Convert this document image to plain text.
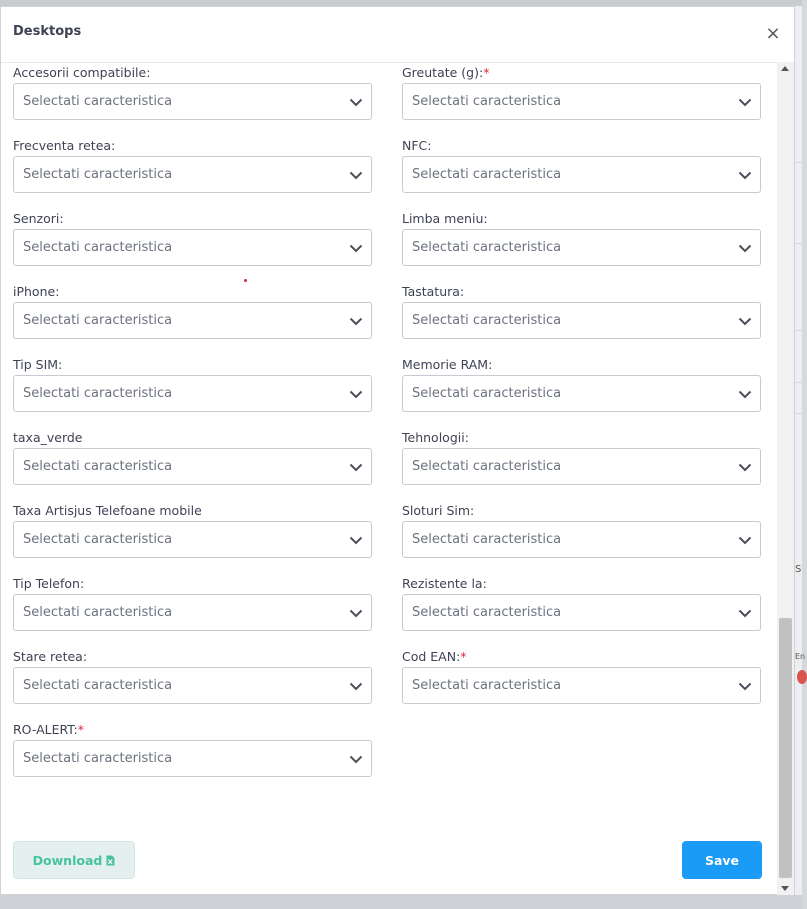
S
En
Desktops	×
Accesorii compatibile:
Selectati caracteristica
Greutate (g):*
Selectati caracteristica
Frecventa retea:
Selectati caracteristica
NFC:
Selectati caracteristica
Senzori:
Selectati caracteristica
Limba meniu:
Selectati caracteristica
iPhone:
Selectati caracteristica
Tastatura:
Selectati caracteristica
Tip SIM:
Selectati caracteristica
Memorie RAM:
Selectati caracteristica
taxa_verde
Selectati caracteristica
Tehnologii:
Selectati caracteristica
Taxa Artisjus Telefoane mobile
Selectati caracteristica
Sloturi Sim:
Selectati caracteristica
Tip Telefon:
Selectati caracteristica
Rezistente la:
Selectati caracteristica
Stare retea:
Selectati caracteristica
Cod EAN:*
Selectati caracteristica
RO-ALERT:*
Selectati caracteristica
Download	Save
